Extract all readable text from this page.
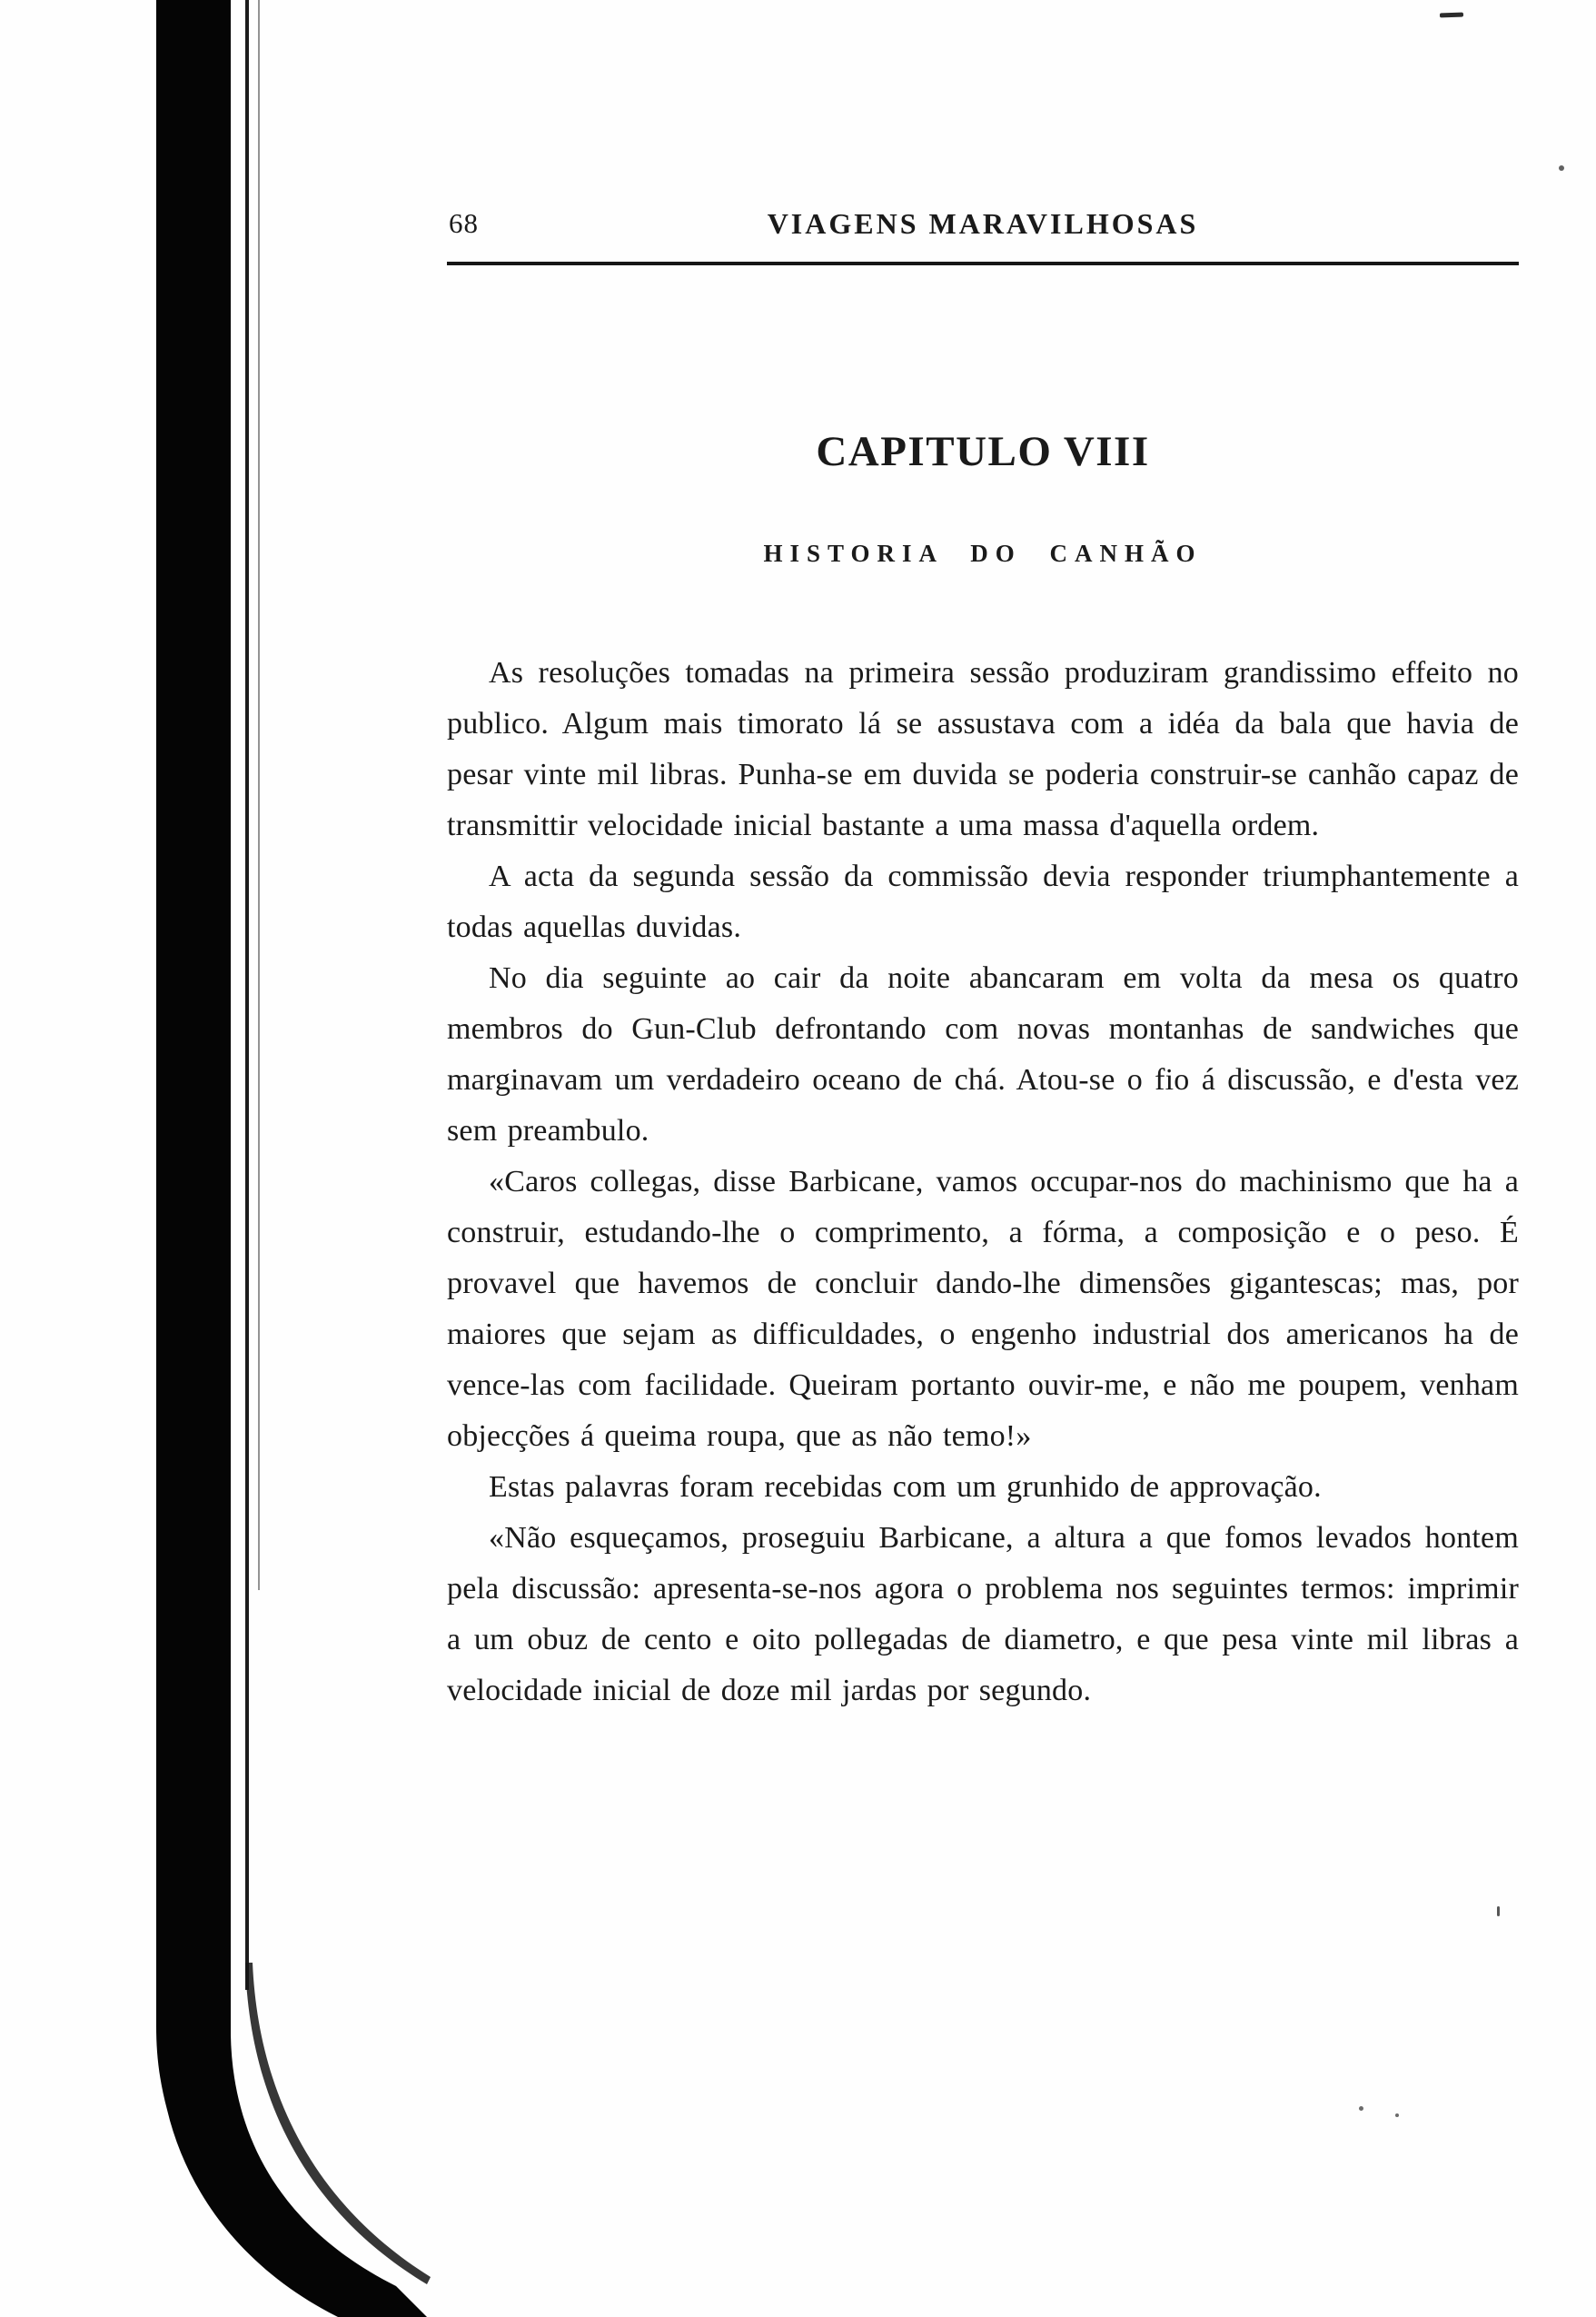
68	VIAGENS MARAVILHOSAS
CAPITULO VIII
HISTORIA DO CANHÃO

As resoluções tomadas na primeira sessão produziram grandissimo effeito no publico. Algum mais timorato lá se assustava com a idéa da bala que havia de pesar vinte mil libras. Punha-se em duvida se poderia construir-se canhão capaz de transmittir velocidade inicial bastante a uma massa d'aquella ordem.

A acta da segunda sessão da commissão devia responder triumphantemente a todas aquellas duvidas.

No dia seguinte ao cair da noite abancaram em volta da mesa os quatro membros do Gun-Club defrontando com novas montanhas de sandwiches que marginavam um verdadeiro oceano de chá. Atou-se o fio á discussão, e d'esta vez sem preambulo.

«Caros collegas, disse Barbicane, vamos occupar-nos do machinismo que ha a construir, estudando-lhe o comprimento, a fórma, a composição e o peso. É provavel que havemos de concluir dando-lhe dimensões gigantescas; mas, por maiores que sejam as difficuldades, o engenho industrial dos americanos ha de vence-las com facilidade. Queiram portanto ouvir-me, e não me poupem, venham objecções á queima roupa, que as não temo!»

Estas palavras foram recebidas com um grunhido de approvação.

«Não esqueçamos, proseguiu Barbicane, a altura a que fomos levados hontem pela discussão: apresenta-se-nos agora o problema nos seguintes termos: imprimir a um obuz de cento e oito pollegadas de diametro, e que pesa vinte mil libras a velocidade inicial de doze mil jardas por segundo.
